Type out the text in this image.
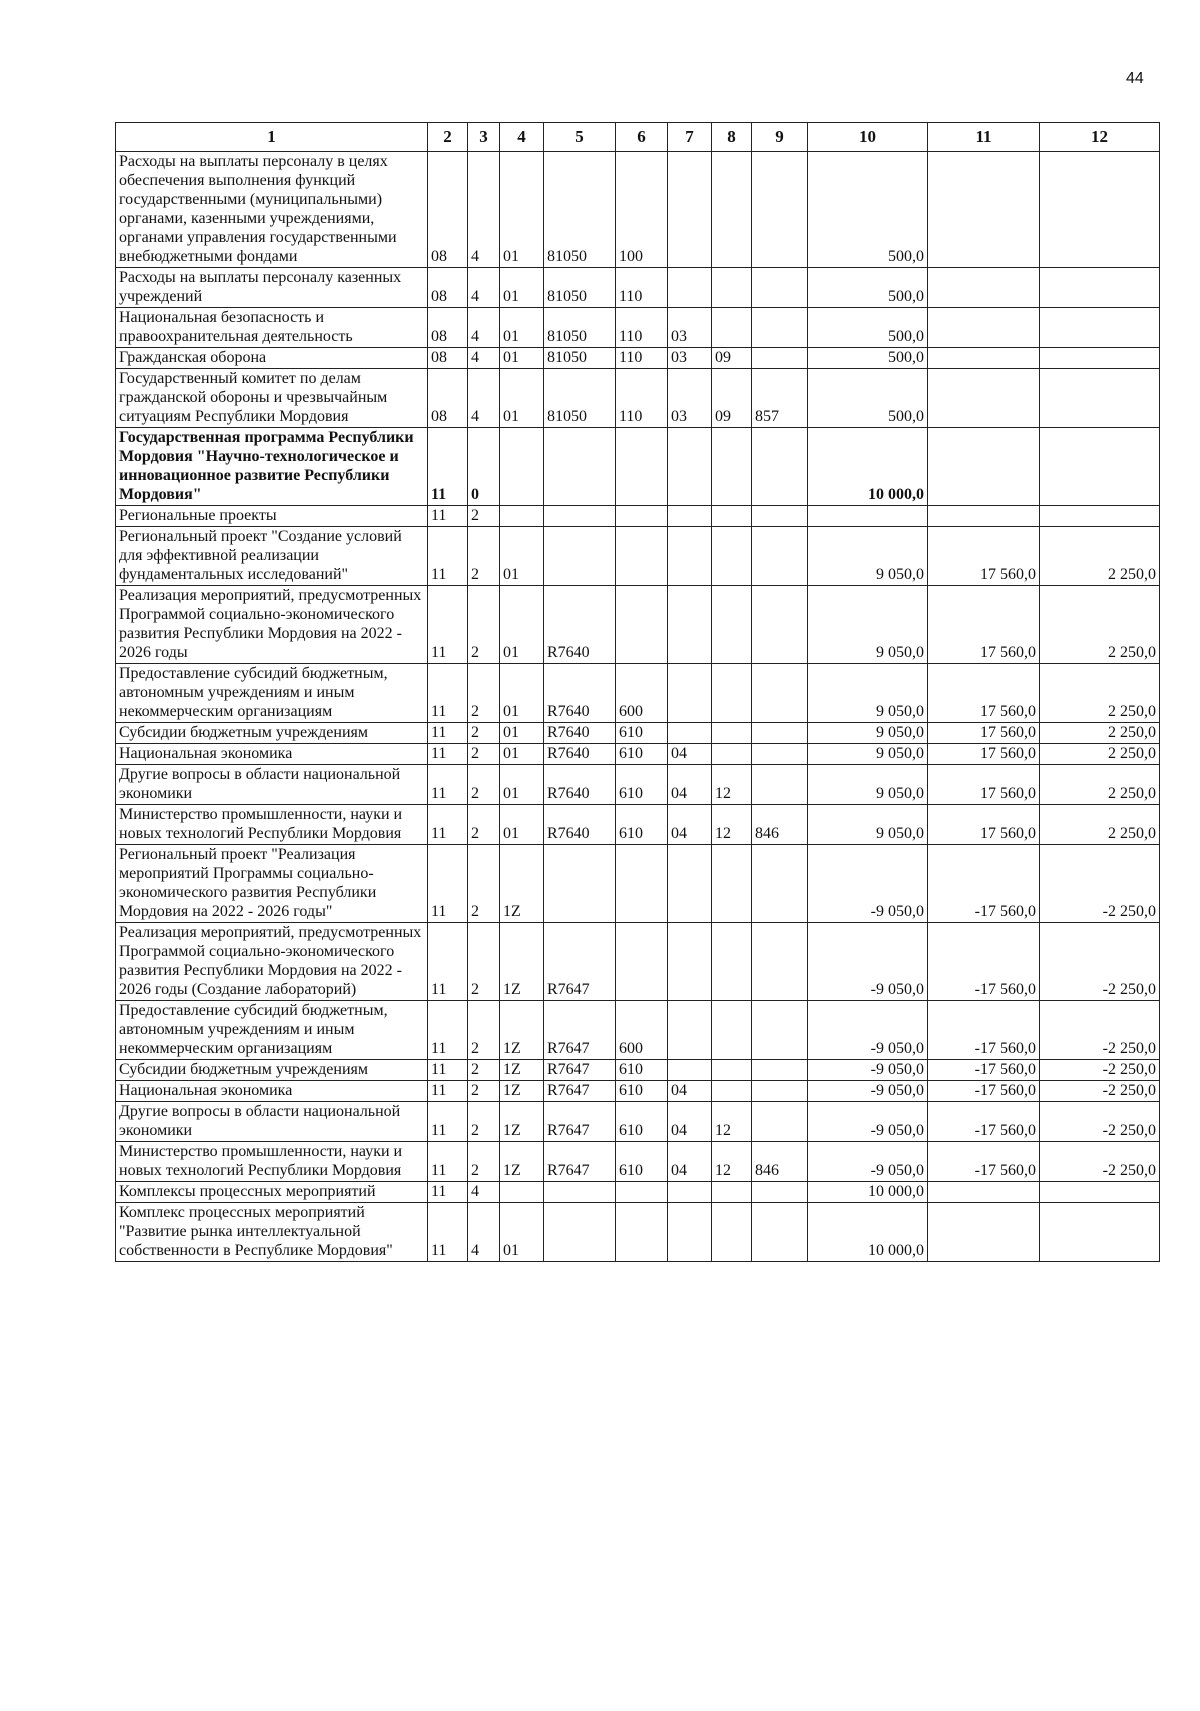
44
1	2	3	4	5	6	7	8	9	10	11	12
Расходы на выплаты персоналу в целях обеспечения выполнения функций государственными (муниципальными) органами, казенными учреждениями, органами управления государственными внебюджетными фондами	08	4	01	81050	100				500,0		
Расходы на выплаты персоналу казенных учреждений	08	4	01	81050	110				500,0		
Национальная безопасность и правоохранительная деятельность	08	4	01	81050	110	03			500,0		
Гражданская оборона	08	4	01	81050	110	03	09		500,0		
Государственный комитет по делам гражданской обороны и чрезвычайным ситуациям Республики Мордовия	08	4	01	81050	110	03	09	857	500,0		
Государственная программа Республики Мордовия "Научно-технологическое и инновационное развитие Республики Мордовия"	11	0							10 000,0		
Региональные проекты	11	2									
Региональный проект "Создание условий для эффективной реализации фундаментальных исследований"	11	2	01						9 050,0	17 560,0	2 250,0
Реализация мероприятий, предусмотренных Программой социально-экономического развития Республики Мордовия на 2022 - 2026 годы	11	2	01	R7640					9 050,0	17 560,0	2 250,0
Предоставление субсидий бюджетным, автономным учреждениям и иным некоммерческим организациям	11	2	01	R7640	600				9 050,0	17 560,0	2 250,0
Субсидии бюджетным учреждениям	11	2	01	R7640	610				9 050,0	17 560,0	2 250,0
Национальная экономика	11	2	01	R7640	610	04			9 050,0	17 560,0	2 250,0
Другие вопросы в области национальной экономики	11	2	01	R7640	610	04	12		9 050,0	17 560,0	2 250,0
Министерство промышленности, науки и новых технологий Республики Мордовия	11	2	01	R7640	610	04	12	846	9 050,0	17 560,0	2 250,0
Региональный проект "Реализация мероприятий Программы социально-экономического развития Республики Мордовия на 2022 - 2026 годы"	11	2	1Z						-9 050,0	-17 560,0	-2 250,0
Реализация мероприятий, предусмотренных Программой социально-экономического развития Республики Мордовия на 2022 - 2026 годы (Создание лабораторий)	11	2	1Z	R7647					-9 050,0	-17 560,0	-2 250,0
Предоставление субсидий бюджетным, автономным учреждениям и иным некоммерческим организациям	11	2	1Z	R7647	600				-9 050,0	-17 560,0	-2 250,0
Субсидии бюджетным учреждениям	11	2	1Z	R7647	610				-9 050,0	-17 560,0	-2 250,0
Национальная экономика	11	2	1Z	R7647	610	04			-9 050,0	-17 560,0	-2 250,0
Другие вопросы в области национальной экономики	11	2	1Z	R7647	610	04	12		-9 050,0	-17 560,0	-2 250,0
Министерство промышленности, науки и новых технологий Республики Мордовия	11	2	1Z	R7647	610	04	12	846	-9 050,0	-17 560,0	-2 250,0
Комплексы процессных мероприятий	11	4							10 000,0		
Комплекс процессных мероприятий "Развитие рынка интеллектуальной собственности в Республике Мордовия"	11	4	01						10 000,0		
